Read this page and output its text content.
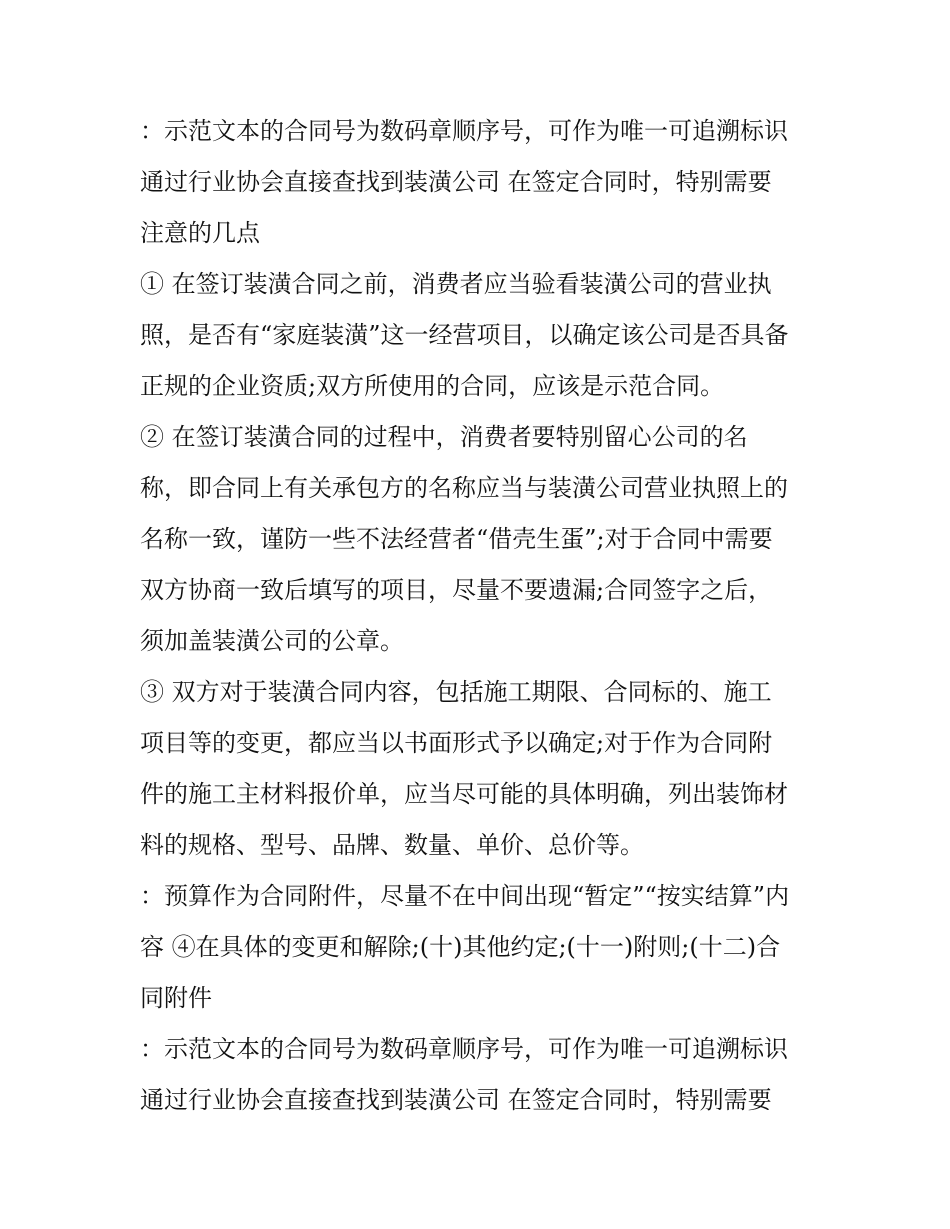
：示范文本的合同号为数码章顺序号，可作为唯一可追溯标识

通过行业协会直接查找到装潢公司 在签定合同时，特别需要

注意的几点

① 在签订装潢合同之前，消费者应当验看装潢公司的营业执

照，是否有“家庭装潢”这一经营项目，以确定该公司是否具备

正规的企业资质;双方所使用的合同，应该是示范合同。

② 在签订装潢合同的过程中，消费者要特别留心公司的名

称，即合同上有关承包方的名称应当与装潢公司营业执照上的

名称一致，谨防一些不法经营者“借壳生蛋”;对于合同中需要

双方协商一致后填写的项目，尽量不要遗漏;合同签字之后，

须加盖装潢公司的公章。

③ 双方对于装潢合同内容，包括施工期限、合同标的、施工

项目等的变更，都应当以书面形式予以确定;对于作为合同附

件的施工主材料报价单，应当尽可能的具体明确，列出装饰材

料的规格、型号、品牌、数量、单价、总价等。

：预算作为合同附件，尽量不在中间出现“暂定”“按实结算”内

容 ④在具体的变更和解除;(十)其他约定;(十一)附则;(十二)合

同附件

：示范文本的合同号为数码章顺序号，可作为唯一可追溯标识

通过行业协会直接查找到装潢公司 在签定合同时，特别需要
